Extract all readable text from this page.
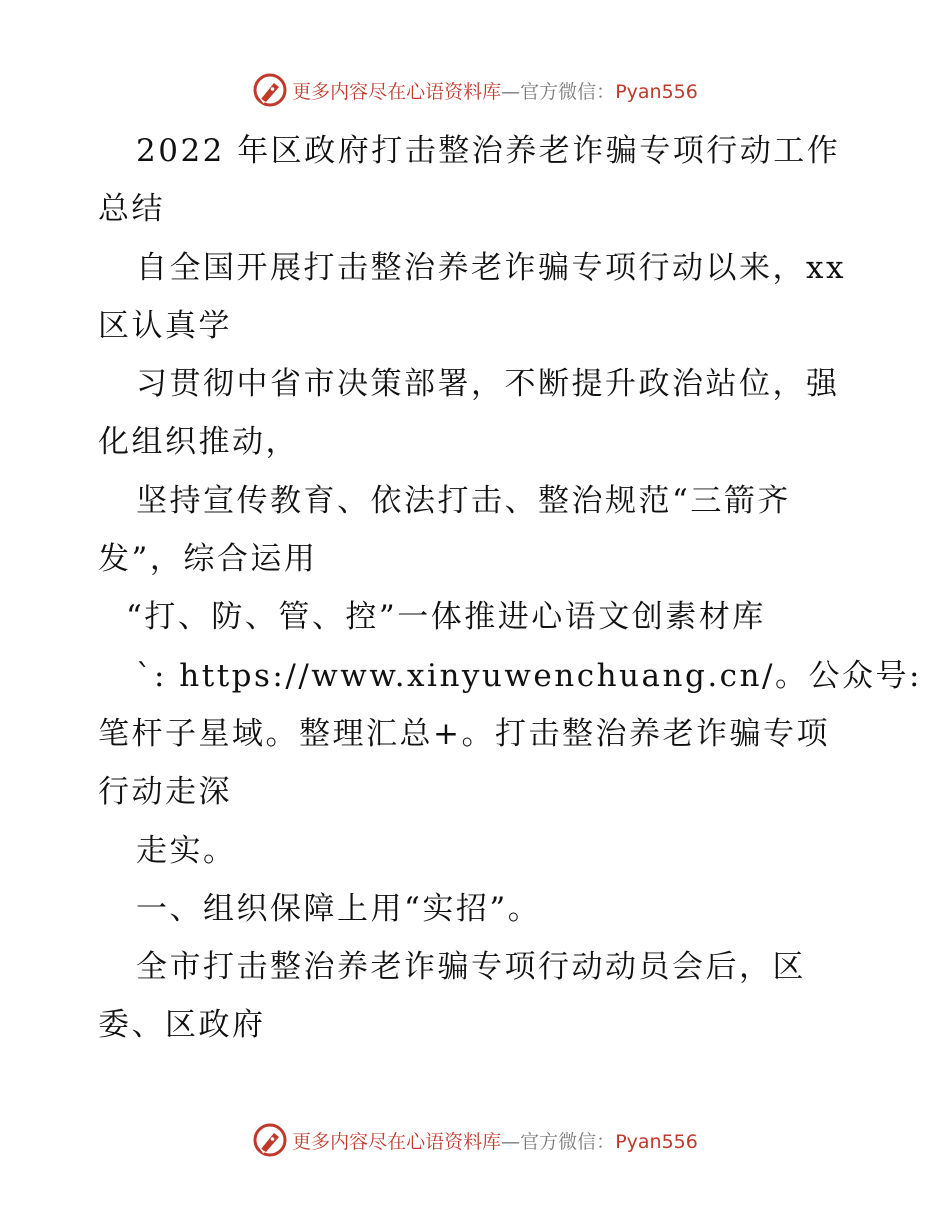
更多内容尽在心语资料库—官方微信：Pyan556
2022 年区政府打击整治养老诈骗专项行动工作
总结
自全国开展打击整治养老诈骗专项行动以来，xx
区认真学
习贯彻中省市决策部署，不断提升政治站位，强
化组织推动，
坚持宣传教育、依法打击、整治规范“三箭齐
发”，综合运用
“打、防、管、控”一体推进心语文创素材库
`: https://www.xinyuwenchuang.cn/。公众号:
笔杆子星域。整理汇总+。打击整治养老诈骗专项
行动走深
走实。
一、组织保障上用“实招”。
全市打击整治养老诈骗专项行动动员会后，区
委、区政府
更多内容尽在心语资料库—官方微信：Pyan556
